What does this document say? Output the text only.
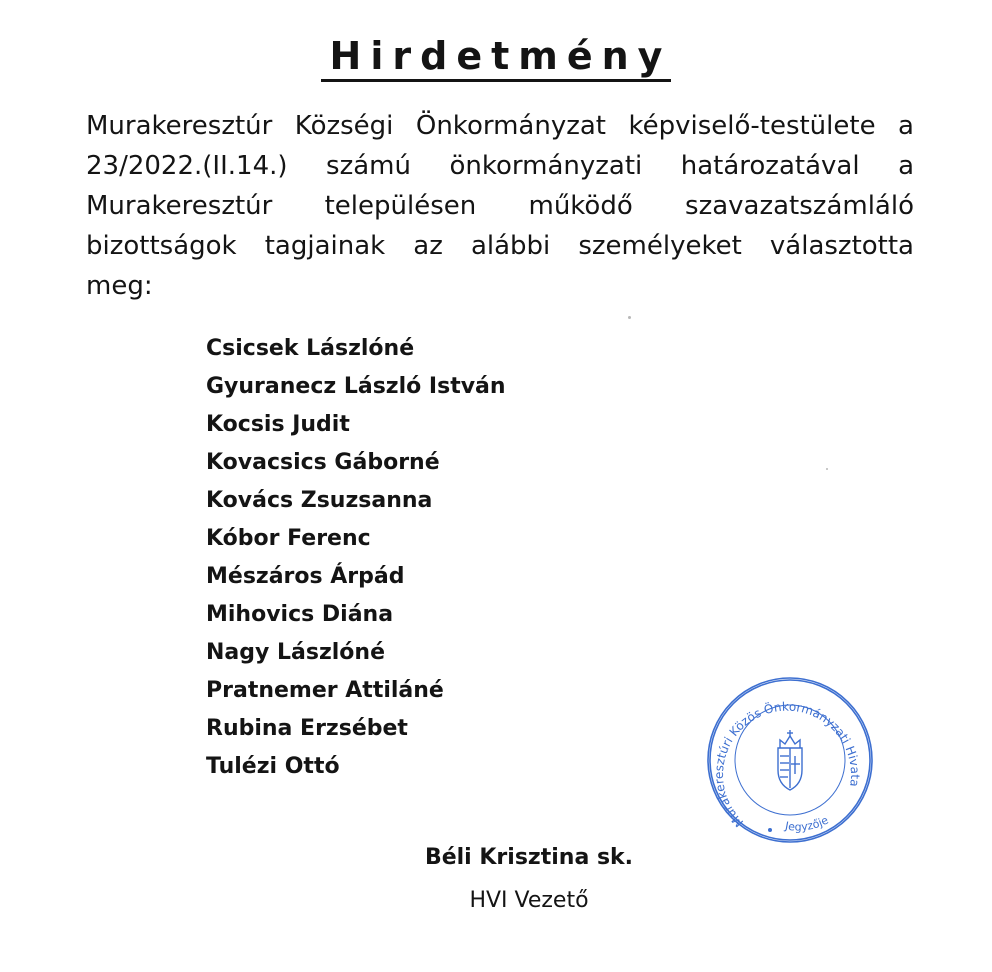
Hirdetmény
Murakeresztúr Községi Önkormányzat képviselő-testülete a
23/2022.(II.14.) számú önkormányzati határozatával a
Murakeresztúr településen működő szavazatszámláló
bizottságok tagjainak az alábbi személyeket választotta
meg:
Csicsek Lászlóné
Gyuranecz László István
Kocsis Judit
Kovacsics Gáborné
Kovács Zsuzsanna
Kóbor Ferenc
Mészáros Árpád
Mihovics Diána
Nagy Lászlóné
Pratnemer Attiláné
Rubina Erzsébet
Tulézi Ottó
Murakeresztúri Közös Önkormányzati Hivata
Jegyzője
Béli Krisztina sk.
HVI Vezető
